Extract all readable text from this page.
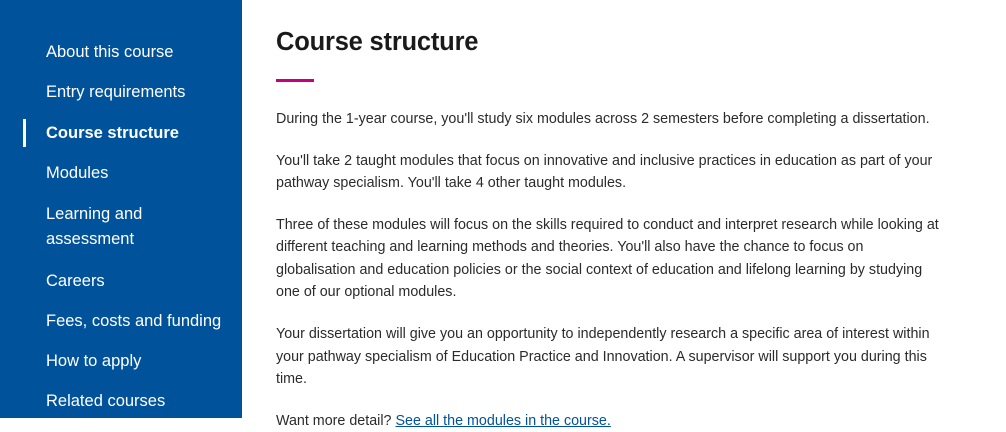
About this course
Entry requirements
Course structure
Modules
Learning and assessment
Careers
Fees, costs and funding
How to apply
Related courses
Course structure

During the 1-year course, you'll study six modules across 2 semesters before completing a dissertation.

You'll take 2 taught modules that focus on innovative and inclusive practices in education as part of your pathway specialism. You'll take 4 other taught modules.

Three of these modules will focus on the skills required to conduct and interpret research while looking at different teaching and learning methods and theories. You'll also have the chance to focus on globalisation and education policies or the social context of education and lifelong learning by studying one of our optional modules.

Your dissertation will give you an opportunity to independently research a specific area of interest within your pathway specialism of Education Practice and Innovation. A supervisor will support you during this time.

Want more detail? See all the modules in the course.
